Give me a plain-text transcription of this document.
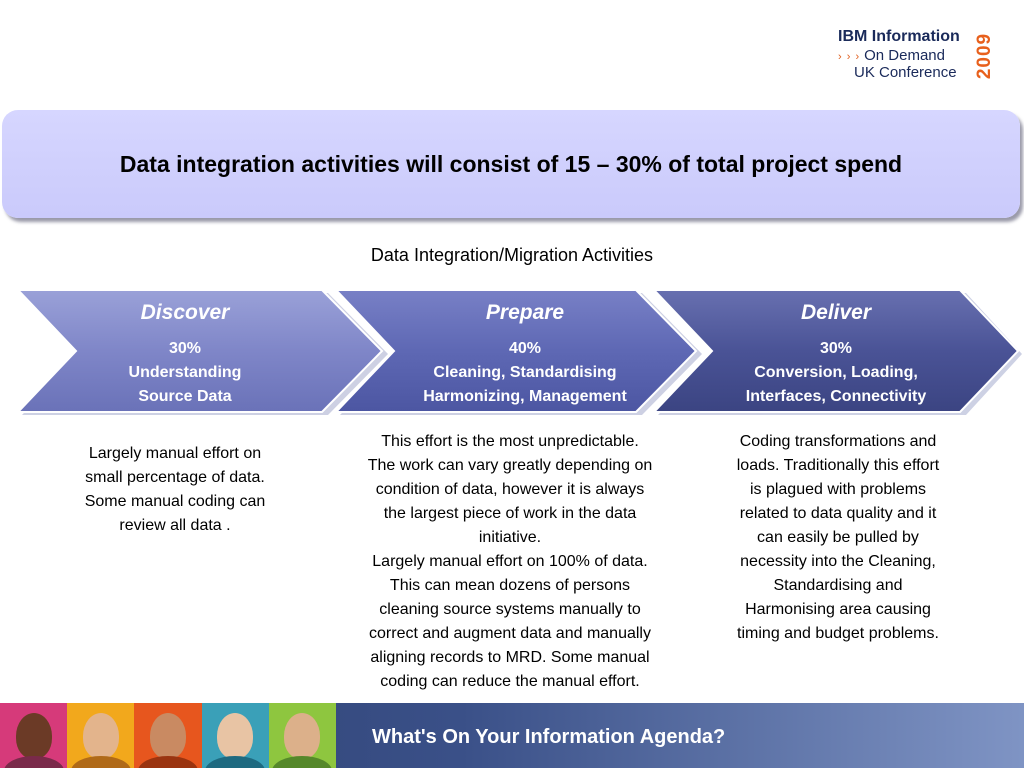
IBM Information
› › › On Demand
UK Conference 2009
Data integration activities will consist of 15 – 30% of total project spend
Data Integration/Migration Activities
Discover
30%
Understanding
Source Data
Prepare
40%
Cleaning, Standardising
Harmonizing, Management
Deliver
30%
Conversion, Loading,
Interfaces, Connectivity
Largely manual effort on
small percentage of data.
Some manual coding can
review all data .
This effort is the most unpredictable.
The work can vary greatly depending on
condition of data, however it is always
the largest piece of work in the data
initiative.
Largely manual effort on 100% of data.
This can mean dozens of persons
cleaning source systems manually to
correct and augment data and manually
aligning records to MRD. Some manual
coding can reduce the manual effort.
Coding transformations and
loads. Traditionally this effort
is plagued with problems
related to data quality and it
can easily be pulled by
necessity into the Cleaning,
Standardising and
Harmonising area causing
timing and budget problems.
What's On Your Information Agenda?
